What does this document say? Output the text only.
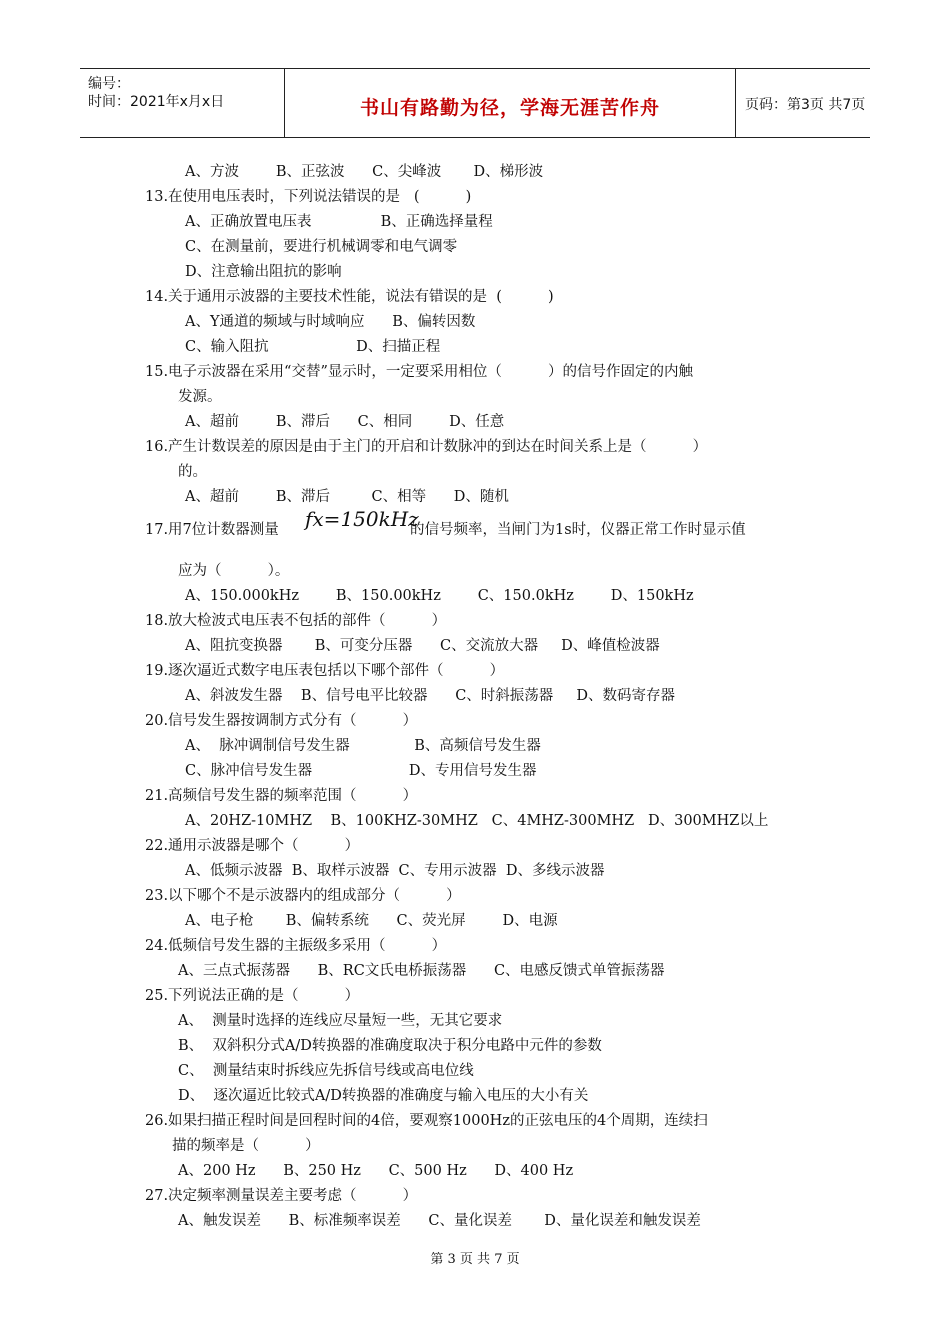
编号：
时间：2021年x月x日	书山有路勤为径，学海无涯苦作舟	页码：第3页 共7页
A、方波        B、正弦波      C、尖峰波       D、梯形波
13.在使用电压表时，下列说法错误的是   (          )
A、正确放置电压表               B、正确选择量程
C、在测量前，要进行机械调零和电气调零
D、注意输出阻抗的影响
14.关于通用示波器的主要技术性能，说法有错误的是  (          )
A、Y通道的频域与时域响应      B、偏转因数
C、输入阻抗                   D、扫描正程
15.电子示波器在采用“交替”显示时，一定要采用相位（          ）的信号作固定的内触
发源。
A、超前        B、滞后      C、相同        D、任意
16.产生计数误差的原因是由于主门的开启和计数脉冲的到达在时间关系上是（          ）
的。
A、超前        B、滞后         C、相等      D、随机
17.用7位计数器测量 fx=150kHz
的信号频率，当闸门为1s时，仪器正常工作时显示值
应为（          ）。
A、150.000kHz        B、150.00kHz        C、150.0kHz        D、150kHz
18.放大检波式电压表不包括的部件（          ）
A、阻抗变换器       B、可变分压器      C、交流放大器     D、峰值检波器
19.逐次逼近式数字电压表包括以下哪个部件（          ）
A、斜波发生器    B、信号电平比较器      C、时斜振荡器     D、数码寄存器
20.信号发生器按调制方式分有（          ）
A、  脉冲调制信号发生器              B、高频信号发生器
C、脉冲信号发生器                     D、专用信号发生器
21.高频信号发生器的频率范围（          ）
A、20HZ-10MHZ    B、100KHZ-30MHZ   C、4MHZ-300MHZ   D、300MHZ以上
22.通用示波器是哪个（          ）
A、低频示波器  B、取样示波器  C、专用示波器  D、多线示波器
23.以下哪个不是示波器内的组成部分（          ）
A、电子枪       B、偏转系统      C、荧光屏        D、电源
24.低频信号发生器的主振级多采用（          ）
A、三点式振荡器      B、RC文氏电桥振荡器      C、电感反馈式单管振荡器
25.下列说法正确的是（          ）
A、  测量时选择的连线应尽量短一些，无其它要求
B、  双斜积分式A/D转换器的准确度取决于积分电路中元件的参数
C、  测量结束时拆线应先拆信号线或高电位线
D、  逐次逼近比较式A/D转换器的准确度与输入电压的大小有关
26.如果扫描正程时间是回程时间的4倍，要观察1000Hz的正弦电压的4个周期，连续扫
描的频率是（          ）
A、200 Hz      B、250 Hz      C、500 Hz      D、400 Hz
27.决定频率测量误差主要考虑（          ）
A、触发误差      B、标准频率误差      C、量化误差       D、量化误差和触发误差
第 3 页 共 7 页
